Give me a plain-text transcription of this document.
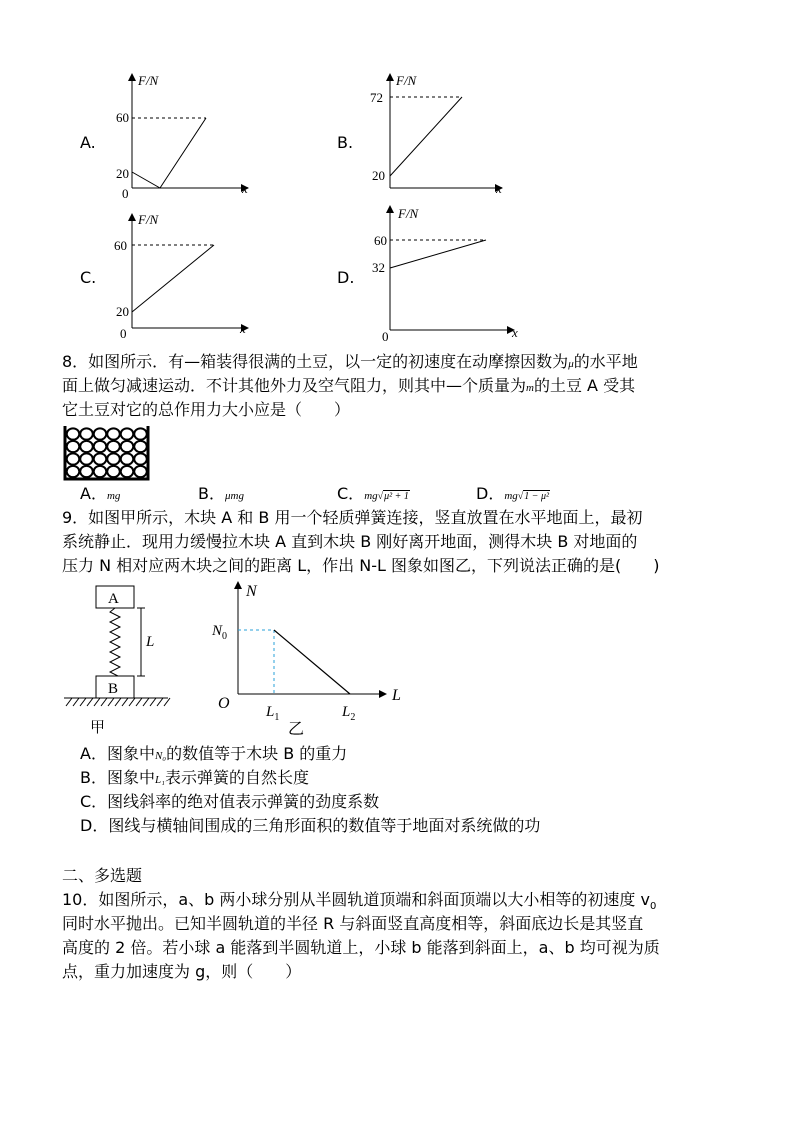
A.
F/N
x
60
20
0
B.
F/N
x
72
20
C.
F/N
x
60
20
0
D.
F/N
x
60
32
0
8．如图所示．有—箱装得很满的土豆，以一定的初速度在动摩擦因数为μ的水平地
面上做匀减速运动．不计其他外力及空气阻力，则其中—个质量为m的土豆 A 受其
它土豆对它的总作用力大小应是（　　）
A．mg	B．μmg	C．mg√μ² + 1	D．mg√1 − μ²
9．如图甲所示，木块 A 和 B 用一个轻质弹簧连接，竖直放置在水平地面上，最初
系统静止．现用力缓慢拉木块 A 直到木块 B 刚好离开地面，测得木块 B 对地面的
压力 N 相对应两木块之间的距离 L，作出 N-L 图象如图乙，下列说法正确的是(　　)
A
B
L
甲
N
L
O
$N_0$
$L_1$	$L_2$
乙
A．图象中N₀的数值等于木块 B 的重力
B．图象中L₁表示弹簧的自然长度
C．图线斜率的绝对值表示弹簧的劲度系数
D．图线与横轴间围成的三角形面积的数值等于地面对系统做的功
二、多选题
10．如图所示，a、b 两小球分别从半圆轨道顶端和斜面顶端以大小相等的初速度 $v_0$
同时水平抛出。已知半圆轨道的半径 R 与斜面竖直高度相等，斜面底边长是其竖直
高度的 2 倍。若小球 a 能落到半圆轨道上，小球 b 能落到斜面上，a、b 均可视为质
点，重力加速度为 g，则（　　）
